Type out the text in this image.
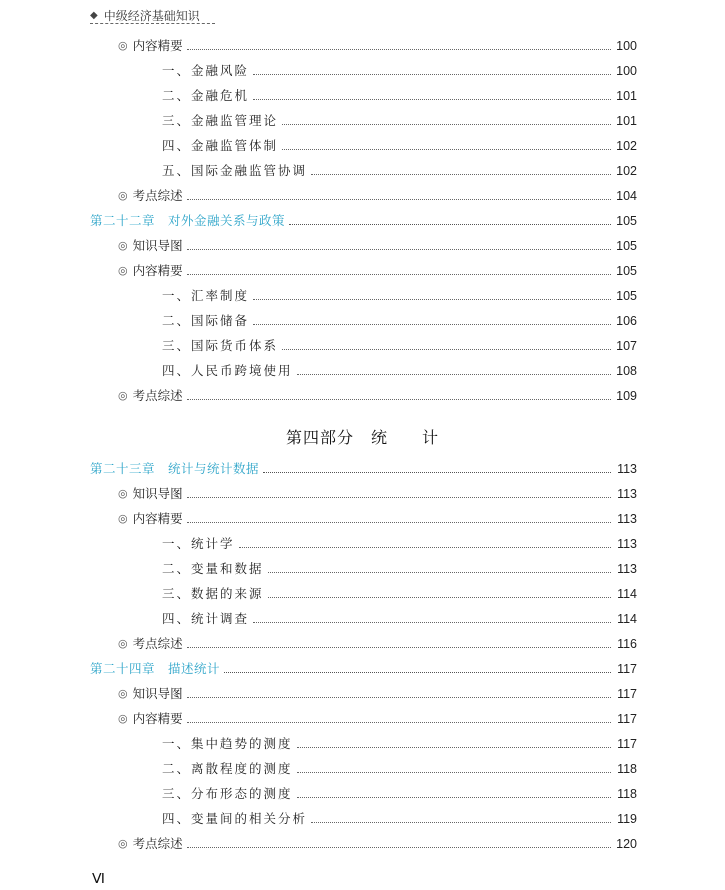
◆ 中级经济基础知识
◎ 内容精要	100
一、金融风险	100
二、金融危机	101
三、金融监管理论	101
四、金融监管体制	102
五、国际金融监管协调	102
◎ 考点综述	104
第二十二章　对外金融关系与政策	105
◎ 知识导图	105
◎ 内容精要	105
一、汇率制度	105
二、国际储备	106
三、国际货币体系	107
四、人民币跨境使用	108
◎ 考点综述	109
第二十三章　统计与统计数据	113
◎ 知识导图	113
◎ 内容精要	113
一、统计学	113
二、变量和数据	113
三、数据的来源	114
四、统计调查	114
◎ 考点综述	116
第二十四章　描述统计	117
◎ 知识导图	117
◎ 内容精要	117
一、集中趋势的测度	117
二、离散程度的测度	118
三、分布形态的测度	118
四、变量间的相关分析	119
◎ 考点综述	120
第四部分　统　　计
Ⅵ
